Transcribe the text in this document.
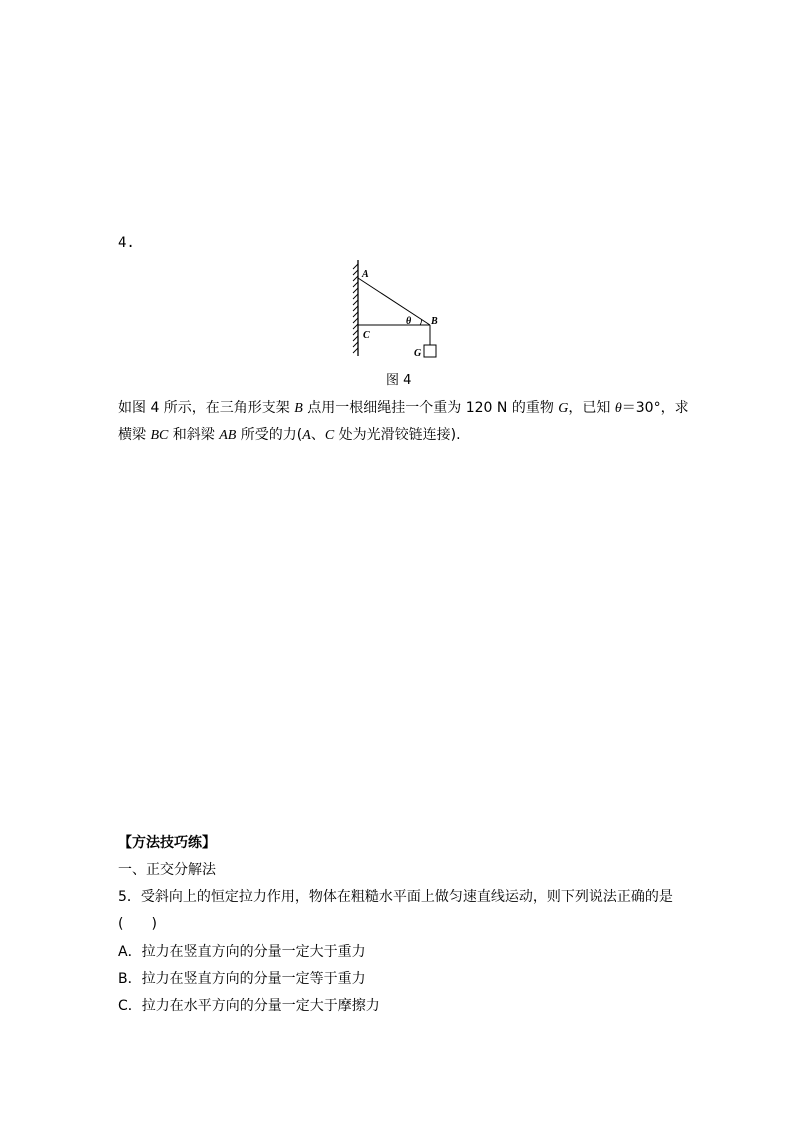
4.
A
B
C
θ
G
图 4
如图 4 所示，在三角形支架 B 点用一根细绳挂一个重为 120 N 的重物 G，已知 θ＝30°，求
横梁 BC 和斜梁 AB 所受的力(A、C 处为光滑铰链连接).
【方法技巧练】
一、正交分解法
5．受斜向上的恒定拉力作用，物体在粗糙水平面上做匀速直线运动，则下列说法正确的是
(　　)
A．拉力在竖直方向的分量一定大于重力
B．拉力在竖直方向的分量一定等于重力
C．拉力在水平方向的分量一定大于摩擦力
